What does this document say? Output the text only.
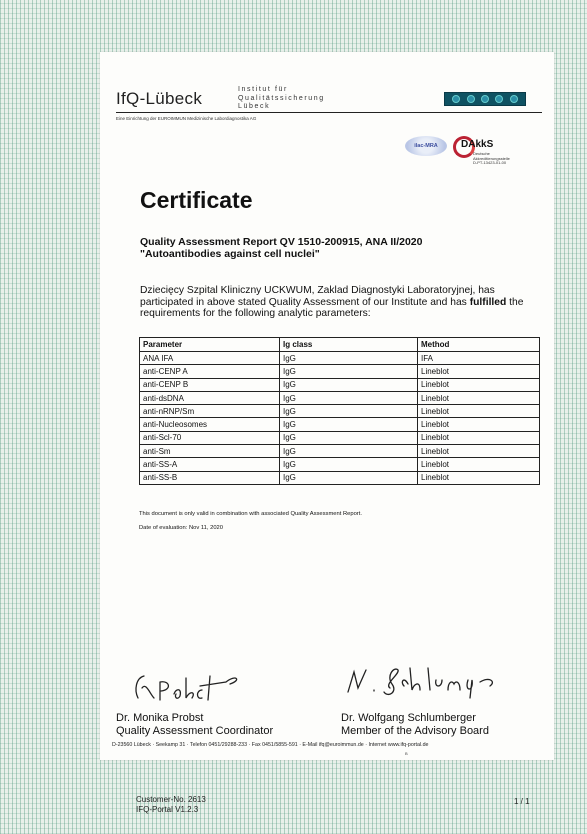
IfQ-Lübeck	Institut für
Qualitätssicherung
Lübeck
Eine Einrichtung der EUROIMMUN Medizinische Labordiagnostika AG
ilac-MRA	DAkkS
Deutsche
Akkreditierungsstelle
D-PT-13423-01-00
Certificate
Quality Assessment Report QV 1510-200915, ANA II/2020
"Autoantibodies against cell nuclei"

Dziecięcy Szpital Kliniczny UCKWUM, Zaklad Diagnostyki Laboratoryjnej, has participated in above stated Quality Assessment of our Institute and has fulfilled the requirements for the following analytic parameters:

Parameter	Ig class	Method
ANA IFA	IgG	IFA
anti-CENP A	IgG	Lineblot
anti-CENP B	IgG	Lineblot
anti-dsDNA	IgG	Lineblot
anti-nRNP/Sm	IgG	Lineblot
anti-Nucleosomes	IgG	Lineblot
anti-Scl-70	IgG	Lineblot
anti-Sm	IgG	Lineblot
anti-SS-A	IgG	Lineblot
anti-SS-B	IgG	Lineblot
This document is only valid in combination with associated Quality Assessment Report.
Date of evaluation: Nov 11, 2020
Dr. Monika Probst
Quality Assessment Coordinator
Dr. Wolfgang Schlumberger
Member of the Advisory Board
D-23560 Lübeck · Seekamp 31 · Telefon 0451/29288-233 · Fax 0451/5855-591 · E-Mail ifq@euroimmun.de · Internet www.ifq-portal.de
B
Customer-No. 2613
IFQ-Portal V1.2.3
1 / 1
